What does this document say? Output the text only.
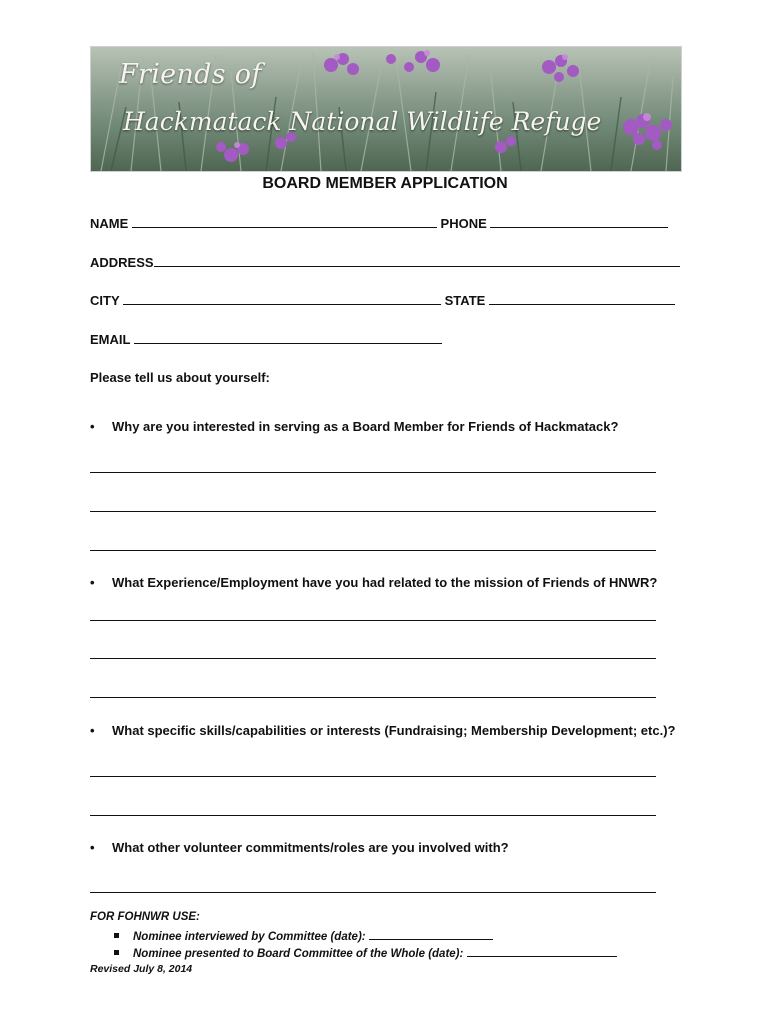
Friends of
Hackmatack National Wildlife Refuge
BOARD MEMBER APPLICATION
NAME	PHONE
ADDRESS
CITY	STATE
EMAIL
Please tell us about yourself:
• Why are you interested in serving as a Board Member for Friends of Hackmatack?
• What Experience/Employment have you had related to the mission of Friends of HNWR?
• What specific skills/capabilities or interests (Fundraising; Membership Development; etc.)?
• What other volunteer commitments/roles are you involved with?
FOR FOHNWR USE:
Nominee interviewed by Committee (date):
Nominee presented to Board Committee of the Whole (date):
Revised July 8, 2014
